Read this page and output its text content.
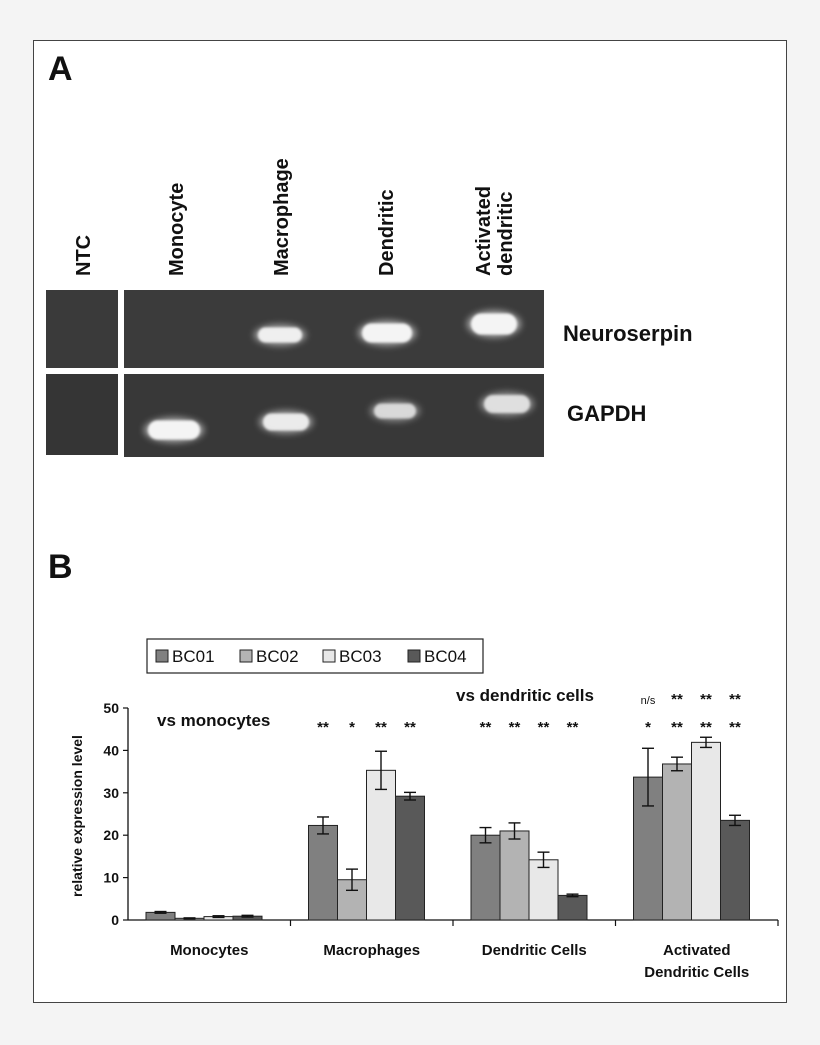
A
B
NTC	Monocyte	Macrophage	Dendritic	Activated dendritic
Neuroserpin
GAPDH
BC01 BC02 BC03 BC04
0
10
20
30
40
50
Monocytes
** * ** **
Macrophages
** ** ** **
Dendritic Cells
*
n/s
**
**
**
**
**
**
Activated
Dendritic Cells
relative expression level
vs monocytes
vs dendritic cells
